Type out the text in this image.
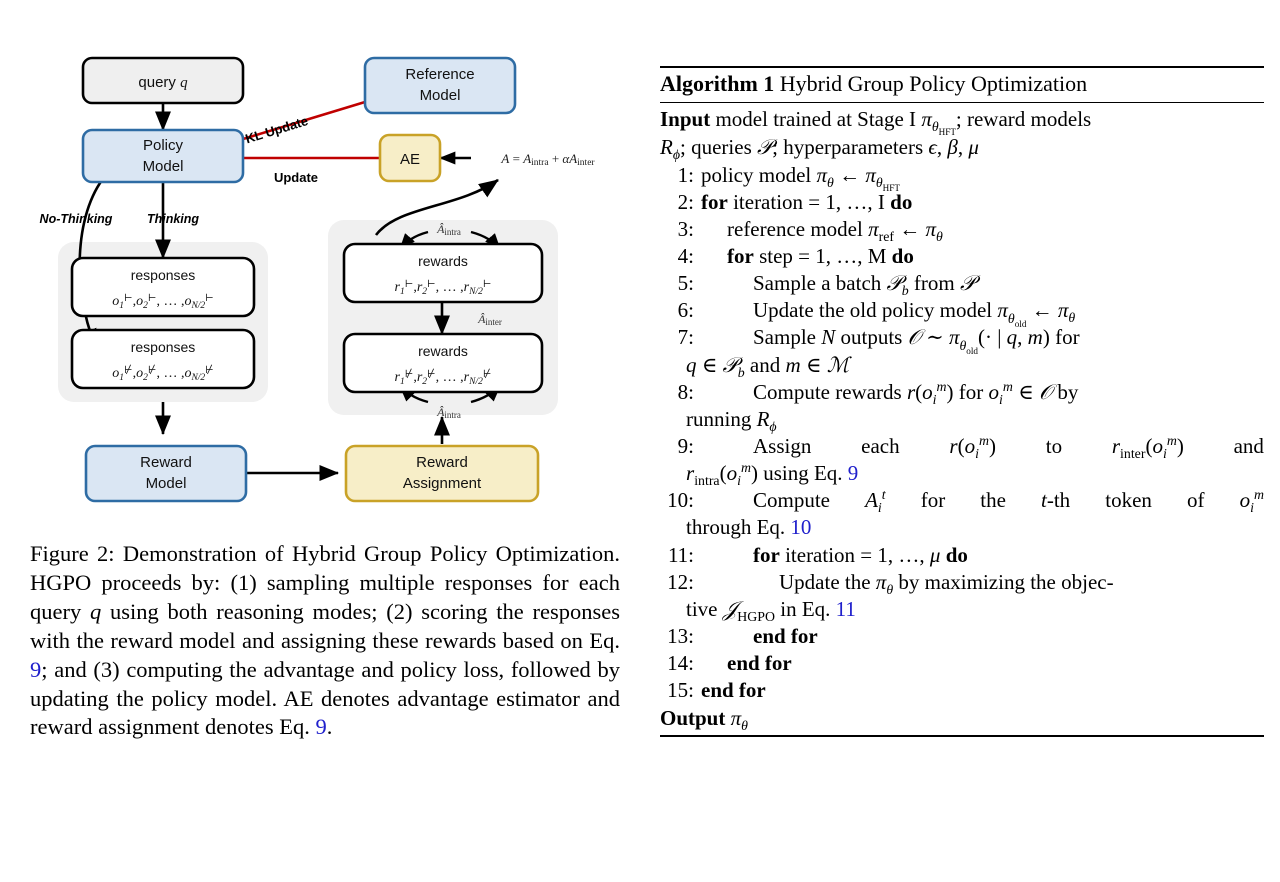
query q
Policy
Model
Reference
Model
AE	A = Aintra + αAinter
KL Update
Update
Thinking
No-Thinking
Âintra
Âinter
Âintra
responses
o1⊢,o2⊢, … ,oN/2⊢
responses
o1⊬,o2⊬, … ,oN/2⊬
rewards
r1⊢,r2⊢, … ,rN/2⊢
rewards
r1⊬,r2⊬, … ,rN/2⊬
Reward
Model
Reward
Assignment
Figure 2: Demonstration of Hybrid Group Policy Optimization. HGPO proceeds by: (1) sampling multiple responses for each query q using both reasoning modes; (2) scoring the responses with the reward model and assigning these rewards based on Eq. 9; and (3) computing the advantage and policy loss, followed by updating the policy model. AE denotes advantage estimator and reward assignment denotes Eq. 9.
Algorithm 1 Hybrid Group Policy Optimization
Input model trained at Stage I $\pi_{\theta_{HFT}}$; reward models
$R_\phi$; queries 𝒫; hyperparameters ϵ, β, μ
1: policy model $\pi_\theta$ ← $\pi_{\theta_{HFT}}$
2: for iteration = 1, …, I do
3:	reference model $\pi_{ref}$ ← $\pi_\theta$
4:	for step = 1, …, M do
5:	Sample a batch 𝒫$_b$ from 𝒫
6:	Update the old policy model $\pi_{\theta_{old}}$ ← $\pi_\theta$
7:	Sample N outputs 𝒪 ∼ $\pi_{\theta_{old}}(\cdot$ | q, m) for
q ∈ 𝒫$_b$ and m ∈ ℳ
8:	Compute rewards $r(o_i^m)$ for $o_i^m$ ∈ 𝒪 by
running $R_\phi$
9:	Assign each $r(o_i^m)$ to $r_{inter}(o_i^m)$ and
$r_{intra}(o_i^m)$ using Eq. 9
10:	Compute $A_i^t$ for the t-th token of $o_i^m$
through Eq. 10
11:	for iteration = 1, …, μ do
12:	Update the $\pi_\theta$ by maximizing the objec-
tive 𝒥$_{HGPO}$ in Eq. 11
13:	end for
14:	end for
15: end for
Output $\pi_\theta$
